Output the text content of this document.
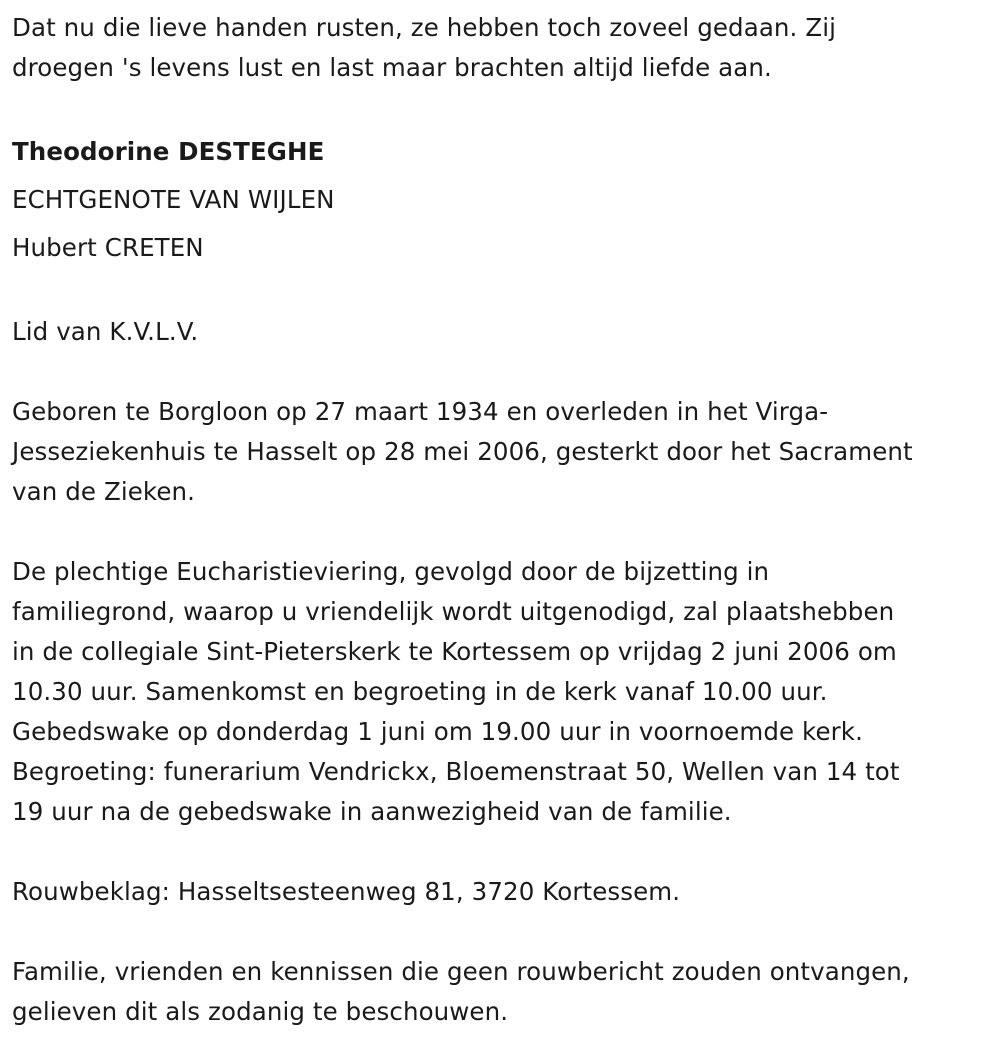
Dat nu die lieve handen rusten, ze hebben toch zoveel gedaan. Zij

droegen 's levens lust en last maar brachten altijd liefde aan.

Theodorine DESTEGHE

ECHTGENOTE VAN WIJLEN

Hubert CRETEN

Lid van K.V.L.V.

Geboren te Borgloon op 27 maart 1934 en overleden in het Virga-

Jesseziekenhuis te Hasselt op 28 mei 2006, gesterkt door het Sacrament

van de Zieken.

De plechtige Eucharistieviering, gevolgd door de bijzetting in

familiegrond, waarop u vriendelijk wordt uitgenodigd, zal plaatshebben

in de collegiale Sint-Pieterskerk te Kortessem op vrijdag 2 juni 2006 om

10.30 uur. Samenkomst en begroeting in de kerk vanaf 10.00 uur.

Gebedswake op donderdag 1 juni om 19.00 uur in voornoemde kerk.

Begroeting: funerarium Vendrickx, Bloemenstraat 50, Wellen van 14 tot

19 uur na de gebedswake in aanwezigheid van de familie.

Rouwbeklag: Hasseltsesteenweg 81, 3720 Kortessem.

Familie, vrienden en kennissen die geen rouwbericht zouden ontvangen,

gelieven dit als zodanig te beschouwen.
